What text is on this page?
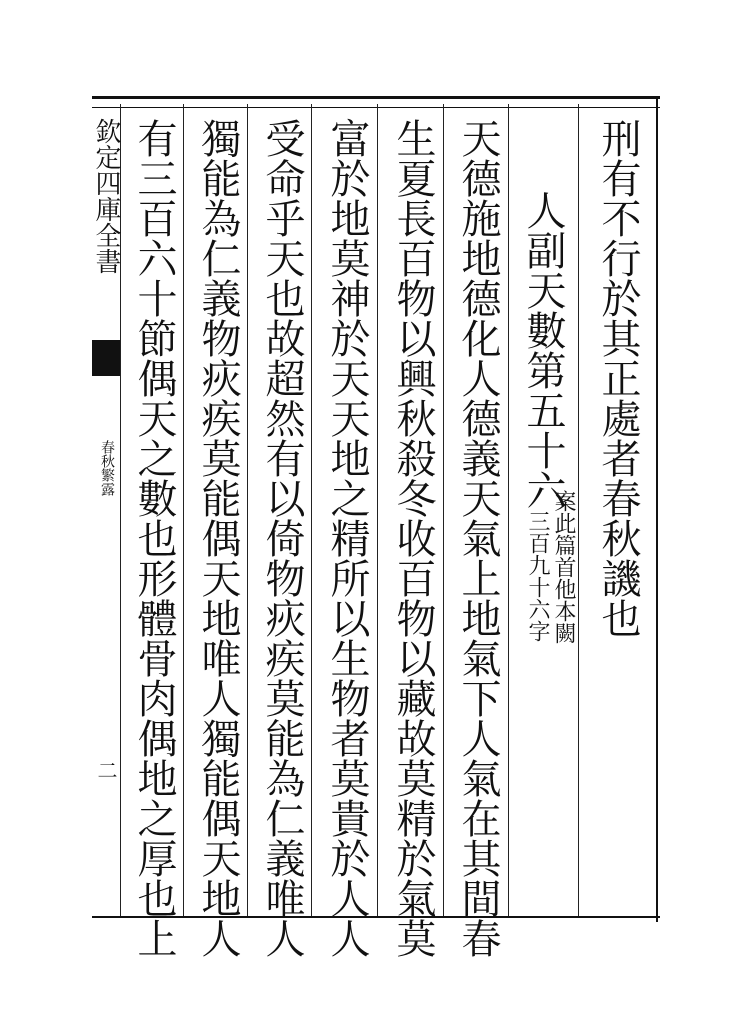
欽定四庫全書
春秋繁露
二
刑有不行於其正處者春秋譏也
人副天數第五十六
案此篇首他本闕
三百九十六字
天德施地德化人德義天氣上地氣下人氣在其間春
生夏長百物以興秋殺冬收百物以藏故莫精於氣莫
富於地莫神於天天地之精所以生物者莫貴於人人
受命乎天也故超然有以倚物疢疾莫能為仁義唯人
獨能為仁義物疢疾莫能偶天地唯人獨能偶天地人
有三百六十節偶天之數也形體骨肉偶地之厚也上
